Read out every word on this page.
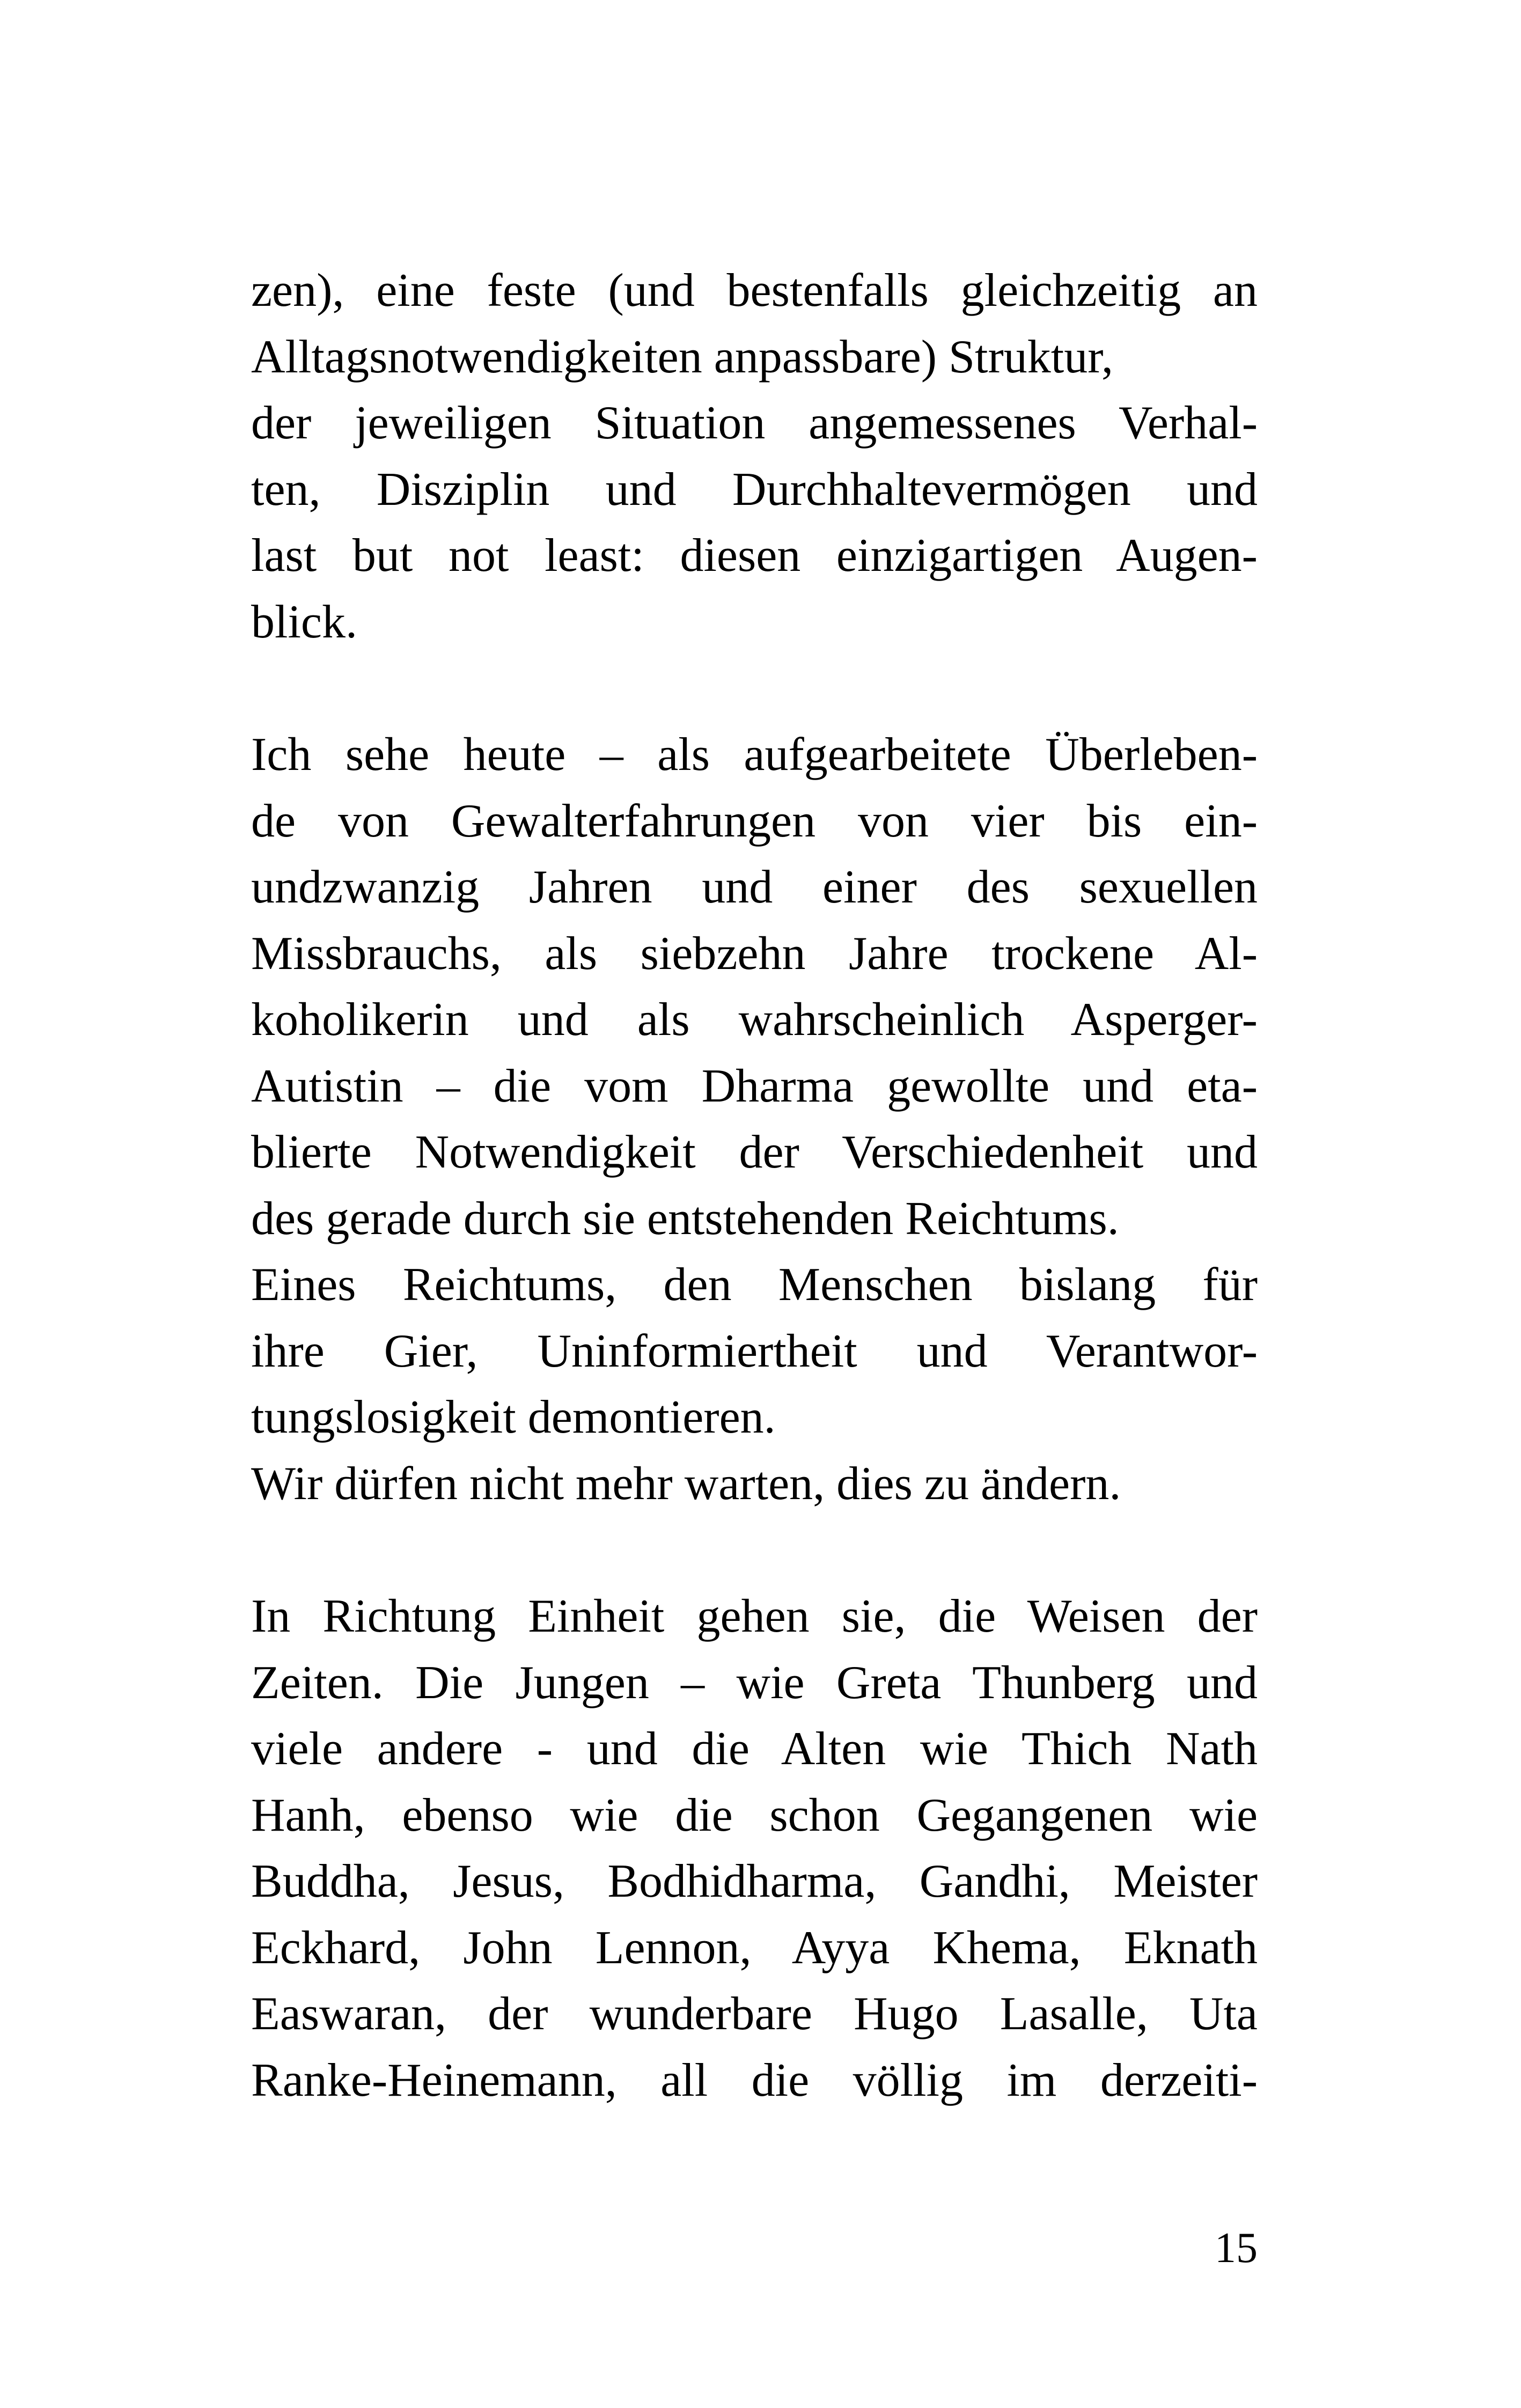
zen), eine feste (und bestenfalls gleichzeitig an
Alltagsnotwendigkeiten anpassbare) Struktur,
der jeweiligen Situation angemessenes Verhal-
ten, Disziplin und Durchhaltevermögen und
last but not least: diesen einzigartigen Augen-
blick.
Ich sehe heute – als aufgearbeitete Überleben-
de von Gewalterfahrungen von vier bis ein-
undzwanzig Jahren und einer des sexuellen
Missbrauchs, als siebzehn Jahre trockene Al-
koholikerin und als wahrscheinlich Asperger-
Autistin – die vom Dharma gewollte und eta-
blierte Notwendigkeit der Verschiedenheit und
des gerade durch sie entstehenden Reichtums.
Eines Reichtums, den Menschen bislang für
ihre Gier, Uninformiertheit und Verantwor-
tungslosigkeit demontieren.
Wir dürfen nicht mehr warten, dies zu ändern.
In Richtung Einheit gehen sie, die Weisen der
Zeiten. Die Jungen – wie Greta Thunberg und
viele andere - und die Alten wie Thich Nath
Hanh, ebenso wie die schon Gegangenen wie
Buddha, Jesus, Bodhidharma, Gandhi, Meister
Eckhard, John Lennon, Ayya Khema, Eknath
Easwaran, der wunderbare Hugo Lasalle, Uta
Ranke-Heinemann, all die völlig im derzeiti-
15
